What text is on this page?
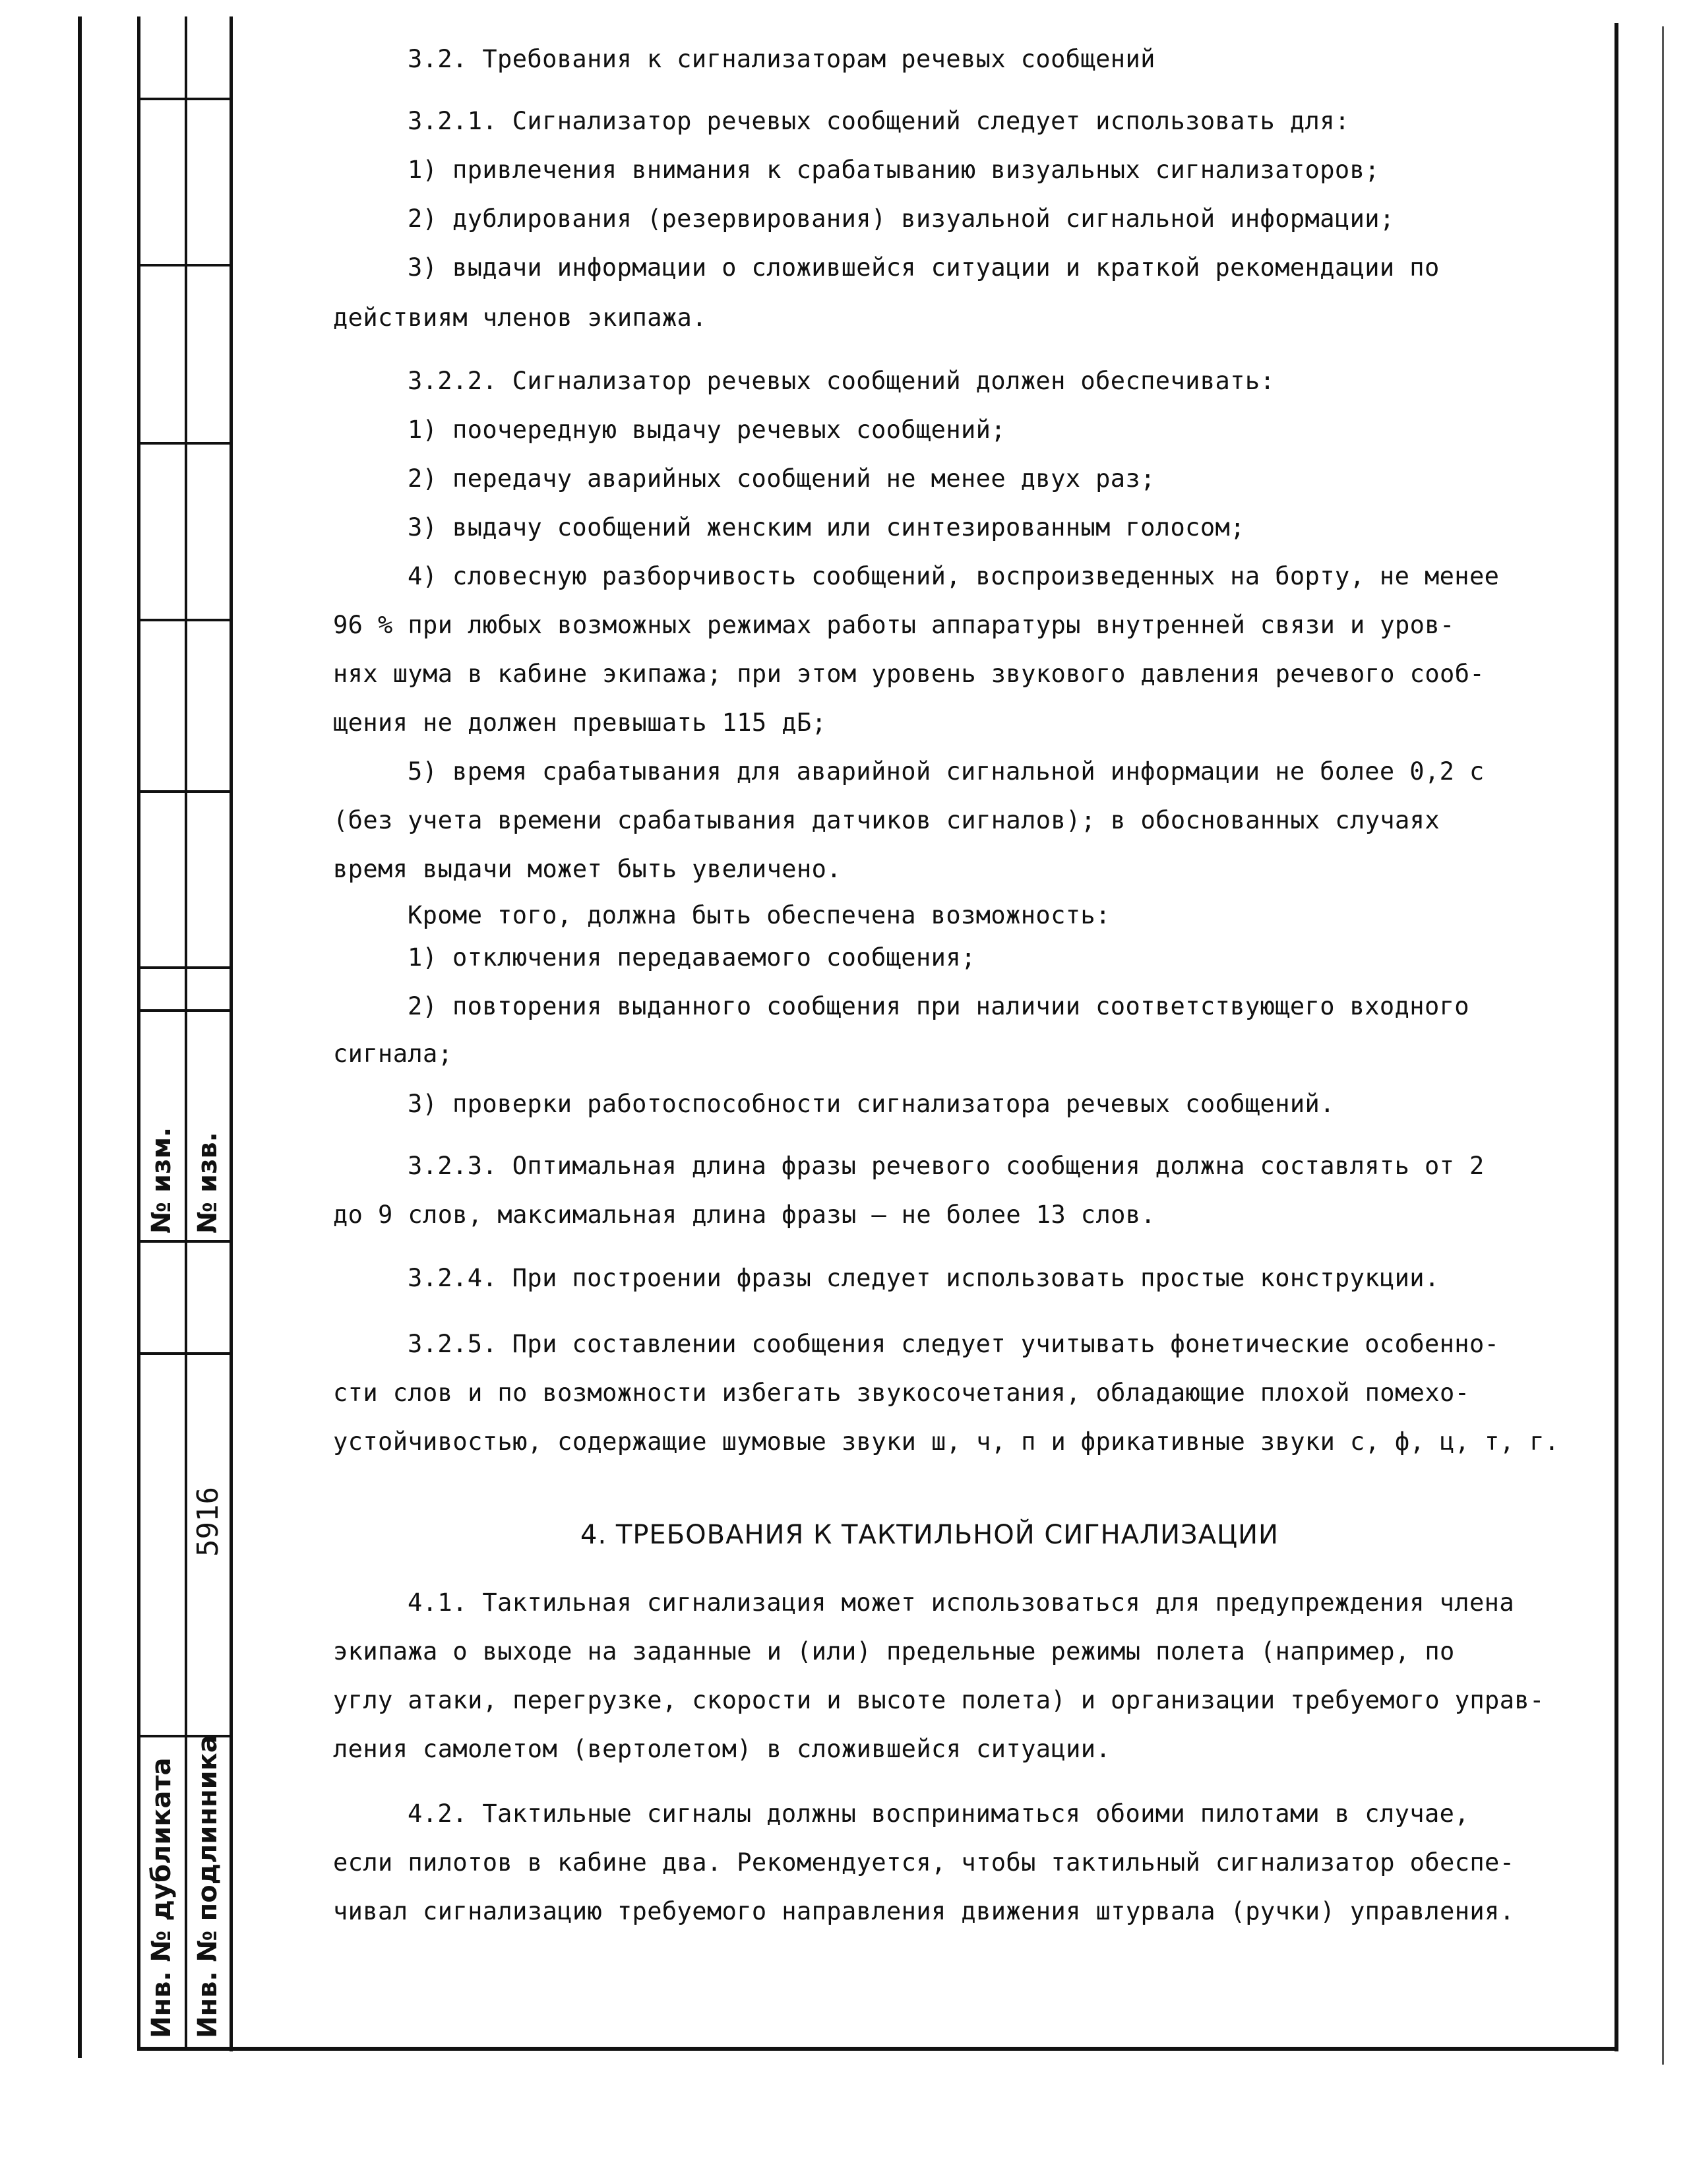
№ изм. № изв.
Инв. № дубликата Инв. № подлинника
5916
3.2. Требования к сигнализаторам речевых сообщений
3.2.1. Сигнализатор речевых сообщений следует использовать для:
1) привлечения внимания к срабатыванию визуальных сигнализаторов;
2) дублирования (резервирования) визуальной сигнальной информации;
3) выдачи информации о сложившейся ситуации и краткой рекомендации по
действиям членов экипажа.
3.2.2. Сигнализатор речевых сообщений должен обеспечивать:
1) поочередную выдачу речевых сообщений;
2) передачу аварийных сообщений не менее двух раз;
3) выдачу сообщений женским или синтезированным голосом;
4) словесную разборчивость сообщений, воспроизведенных на борту, не менее
96 % при любых возможных режимах работы аппаратуры внутренней связи и уров-
нях шума в кабине экипажа; при этом уровень звукового давления речевого сооб-
щения не должен превышать 115 дБ;
5) время срабатывания для аварийной сигнальной информации не более 0,2 с
(без учета времени срабатывания датчиков сигналов); в обоснованных случаях
время выдачи может быть увеличено.
Кроме того, должна быть обеспечена возможность:
1) отключения передаваемого сообщения;
2) повторения выданного сообщения при наличии соответствующего входного
сигнала;
3) проверки работоспособности сигнализатора речевых сообщений.
3.2.3. Оптимальная длина фразы речевого сообщения должна составлять от 2
до 9 слов, максимальная длина фразы – не более 13 слов.
3.2.4. При построении фразы следует использовать простые конструкции.
3.2.5. При составлении сообщения следует учитывать фонетические особенно-
сти слов и по возможности избегать звукосочетания, обладающие плохой помехо-
устойчивостью, содержащие шумовые звуки ш, ч, п и фрикативные звуки с, ф, ц, т, г.
4. ТРЕБОВАНИЯ К ТАКТИЛЬНОЙ СИГНАЛИЗАЦИИ
4.1. Тактильная сигнализация может использоваться для предупреждения члена
экипажа о выходе на заданные и (или) предельные режимы полета (например, по
углу атаки, перегрузке, скорости и высоте полета) и организации требуемого управ-
ления самолетом (вертолетом) в сложившейся ситуации.
4.2. Тактильные сигналы должны восприниматься обоими пилотами в случае,
если пилотов в кабине два. Рекомендуется, чтобы тактильный сигнализатор обеспе-
чивал сигнализацию требуемого направления движения штурвала (ручки) управления.
